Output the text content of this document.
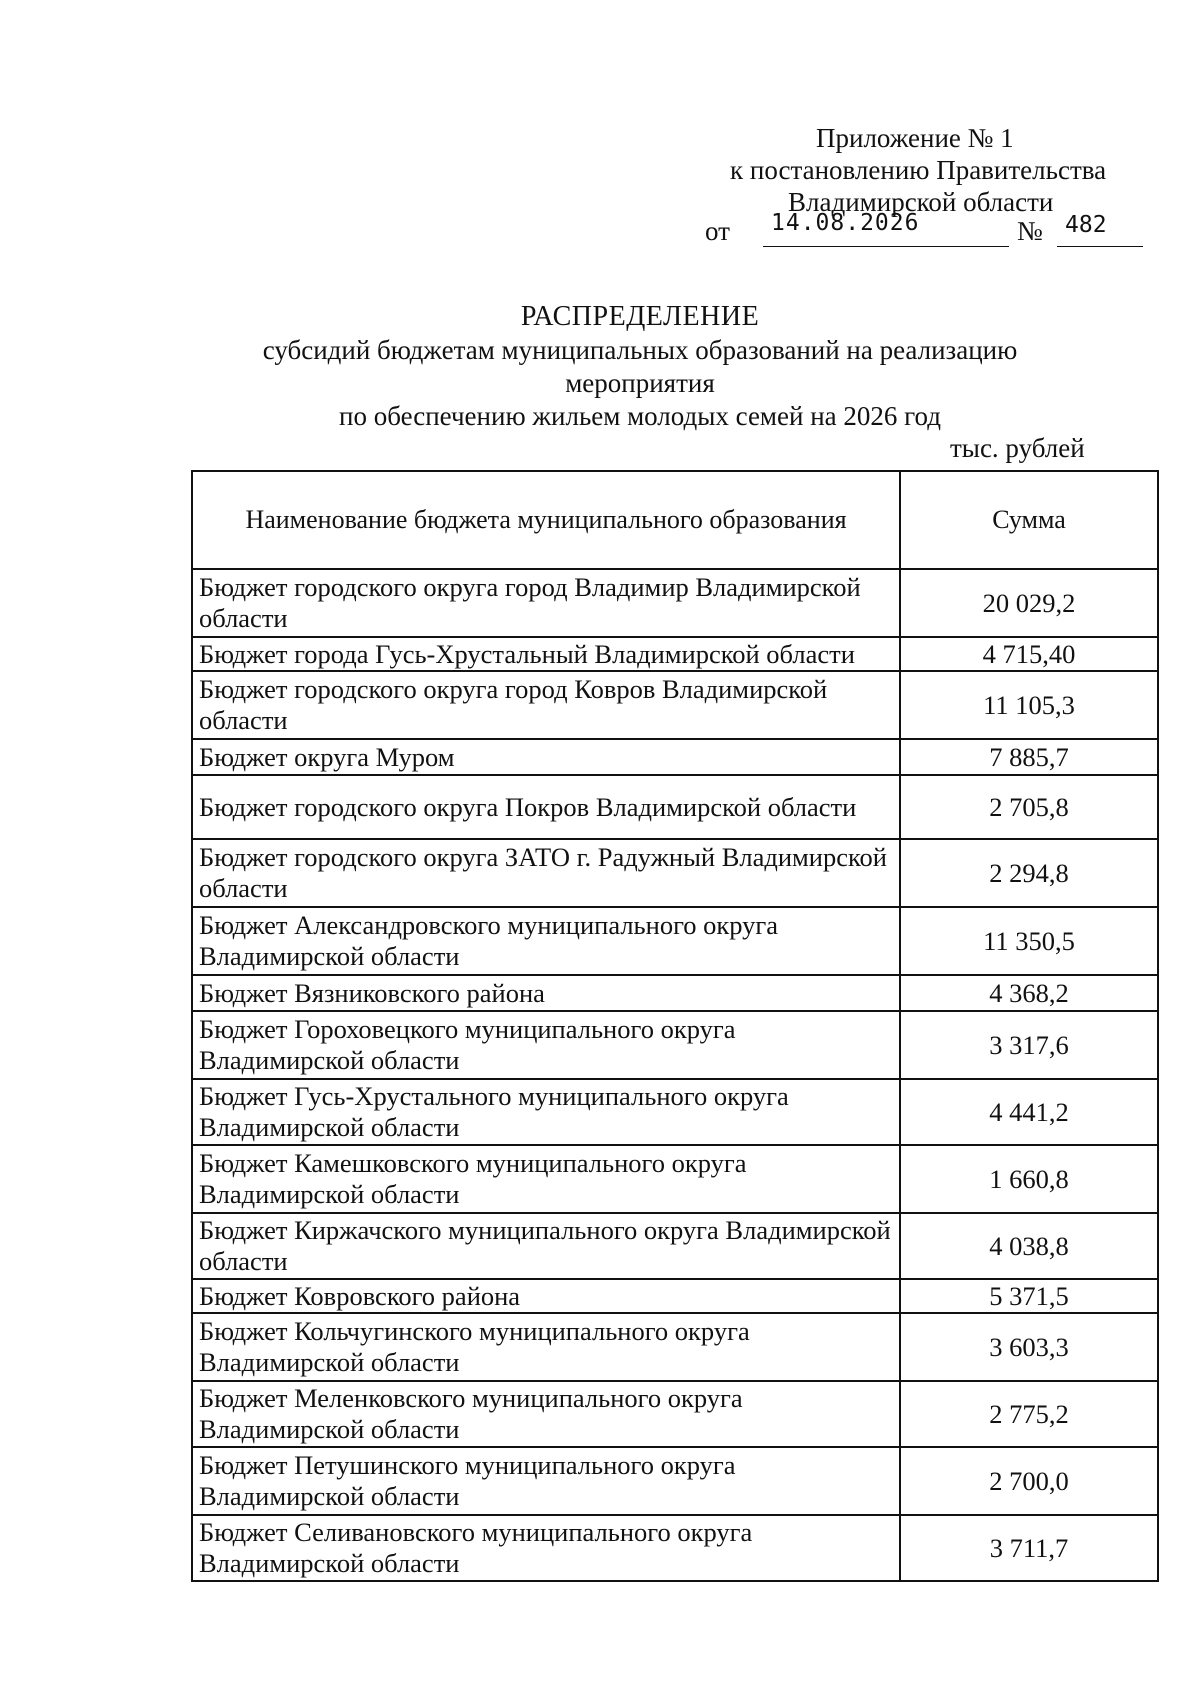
Приложение № 1
к постановлению Правительства
Владимирской области
от 14.08.2026	№ 482
РАСПРЕДЕЛЕНИЕ
субсидий бюджетам муниципальных образований на реализацию мероприятия
по обеспечению жильем молодых семей на 2026 год
тыс. рублей
Наименование бюджета муниципального образования	Сумма
Бюджет городского округа город Владимир Владимирской области	20 029,2
Бюджет города Гусь-Хрустальный Владимирской области	4 715,40
Бюджет городского округа город Ковров Владимирской области	11 105,3
Бюджет округа Муром	7 885,7
Бюджет городского округа Покров Владимирской области	2 705,8
Бюджет городского округа ЗАТО г. Радужный Владимирской области	2 294,8
Бюджет Александровского муниципального округа Владимирской области	11 350,5
Бюджет Вязниковского района	4 368,2
Бюджет Гороховецкого муниципального округа Владимирской области	3 317,6
Бюджет Гусь-Хрустального муниципального округа Владимирской области	4 441,2
Бюджет Камешковского муниципального округа Владимирской области	1 660,8
Бюджет Киржачского муниципального округа Владимирской области	4 038,8
Бюджет Ковровского района	5 371,5
Бюджет Кольчугинского муниципального округа Владимирской области	3 603,3
Бюджет Меленковского муниципального округа Владимирской области	2 775,2
Бюджет Петушинского муниципального округа Владимирской области	2 700,0
Бюджет Селивановского муниципального округа Владимирской области	3 711,7
